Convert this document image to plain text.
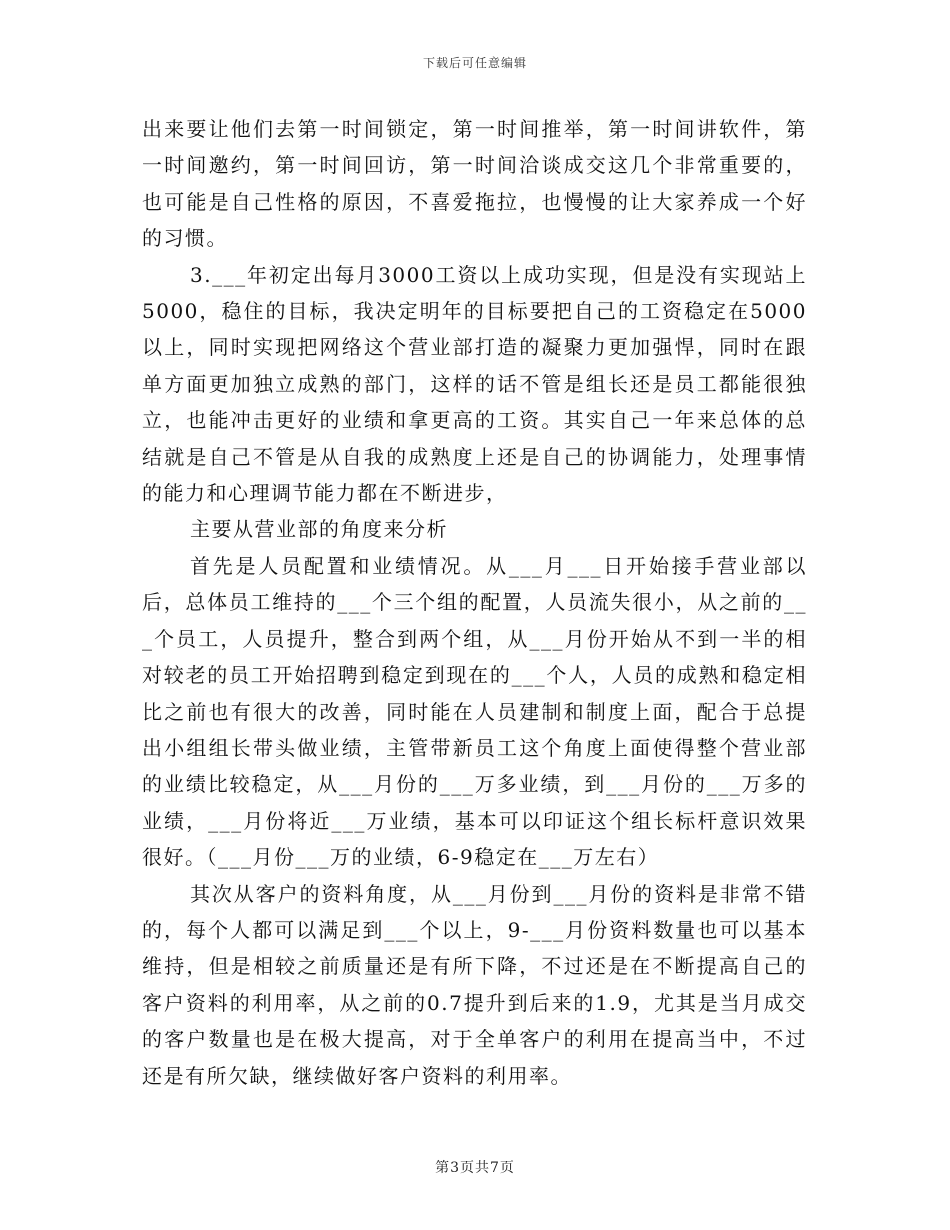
下载后可任意编辑

出来要让他们去第一时间锁定，第一时间推举，第一时间讲软件，第一时间邀约，第一时间回访，第一时间洽谈成交这几个非常重要的，也可能是自己性格的原因，不喜爱拖拉，也慢慢的让大家养成一个好的习惯。

3.___年初定出每月3000工资以上成功实现，但是没有实现站上5000，稳住的目标，我决定明年的目标要把自己的工资稳定在5000以上，同时实现把网络这个营业部打造的凝聚力更加强悍，同时在跟单方面更加独立成熟的部门，这样的话不管是组长还是员工都能很独立，也能冲击更好的业绩和拿更高的工资。其实自己一年来总体的总结就是自己不管是从自我的成熟度上还是自己的协调能力，处理事情的能力和心理调节能力都在不断进步，

主要从营业部的角度来分析

首先是人员配置和业绩情况。从___月___日开始接手营业部以后，总体员工维持的___个三个组的配置，人员流失很小，从之前的___个员工，人员提升，整合到两个组，从___月份开始从不到一半的相对较老的员工开始招聘到稳定到现在的___个人，人员的成熟和稳定相比之前也有很大的改善，同时能在人员建制和制度上面，配合于总提出小组组长带头做业绩，主管带新员工这个角度上面使得整个营业部的业绩比较稳定，从___月份的___万多业绩，到___月份的___万多的业绩，___月份将近___万业绩，基本可以印证这个组长标杆意识效果很好。（___月份___万的业绩，6-9稳定在___万左右）

其次从客户的资料角度，从___月份到___月份的资料是非常不错的，每个人都可以满足到___个以上，9-___月份资料数量也可以基本维持，但是相较之前质量还是有所下降，不过还是在不断提高自己的客户资料的利用率，从之前的0.7提升到后来的1.9，尤其是当月成交的客户数量也是在极大提高，对于全单客户的利用在提高当中，不过还是有所欠缺，继续做好客户资料的利用率。

第3页共7页
